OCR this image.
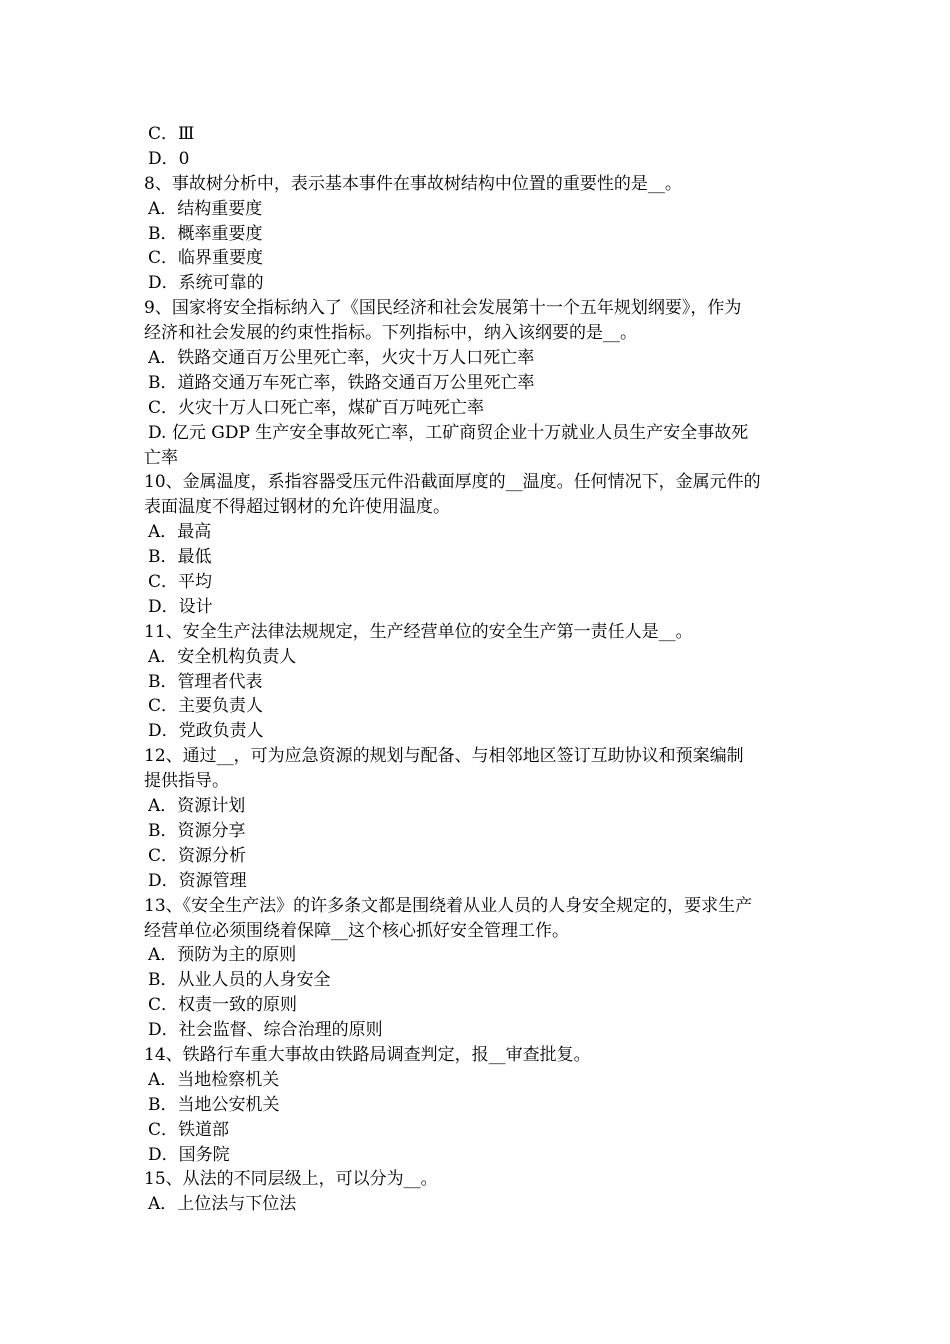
C．Ⅲ
D．0
8、事故树分析中，表示基本事件在事故树结构中位置的重要性的是__。
A．结构重要度
B．概率重要度
C．临界重要度
D．系统可靠的
9、国家将安全指标纳入了《国民经济和社会发展第十一个五年规划纲要》，作为
经济和社会发展的约束性指标。下列指标中，纳入该纲要的是__。
A．铁路交通百万公里死亡率，火灾十万人口死亡率
B．道路交通万车死亡率，铁路交通百万公里死亡率
C．火灾十万人口死亡率，煤矿百万吨死亡率
D. 亿元 GDP 生产安全事故死亡率，工矿商贸企业十万就业人员生产安全事故死
亡率
10、金属温度，系指容器受压元件沿截面厚度的__温度。任何情况下，金属元件的
表面温度不得超过钢材的允许使用温度。
A．最高
B．最低
C．平均
D．设计
11、安全生产法律法规规定，生产经营单位的安全生产第一责任人是__。
A．安全机构负责人
B．管理者代表
C．主要负责人
D．党政负责人
12、通过__，可为应急资源的规划与配备、与相邻地区签订互助协议和预案编制
提供指导。
A．资源计划
B．资源分享
C．资源分析
D．资源管理
13、《安全生产法》的许多条文都是围绕着从业人员的人身安全规定的，要求生产
经营单位必须围绕着保障__这个核心抓好安全管理工作。
A．预防为主的原则
B．从业人员的人身安全
C．权责一致的原则
D．社会监督、综合治理的原则
14、铁路行车重大事故由铁路局调查判定，报__审查批复。
A．当地检察机关
B．当地公安机关
C．铁道部
D．国务院
15、从法的不同层级上，可以分为__。
A．上位法与下位法
